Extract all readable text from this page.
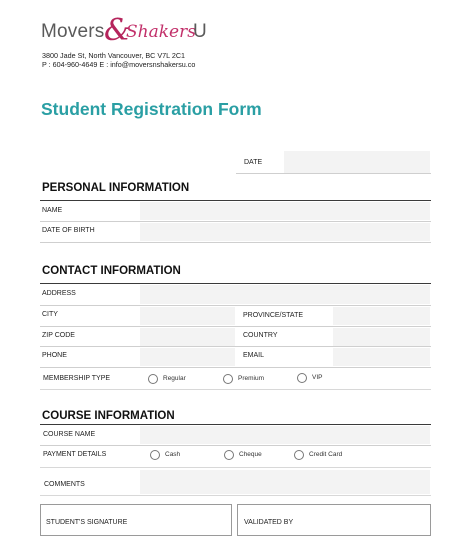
Movers &
Shakers
U
3800 Jade St, North Vancouver, BC V7L 2C1
P : 604-960-4649 E : info@moversnshakersu.co
Student Registration Form
DATE
PERSONAL INFORMATION
NAME
DATE OF BIRTH
CONTACT INFORMATION
ADDRESS
CITY	PROVINCE/STATE
ZIP CODE	COUNTRY
PHONE	EMAIL
MEMBERSHIP TYPE	Regular	Premium	VIP
COURSE INFORMATION
COURSE NAME
PAYMENT DETAILS	Cash	Cheque	Credit Card
COMMENTS
STUDENT'S SIGNATURE	VALIDATED BY
